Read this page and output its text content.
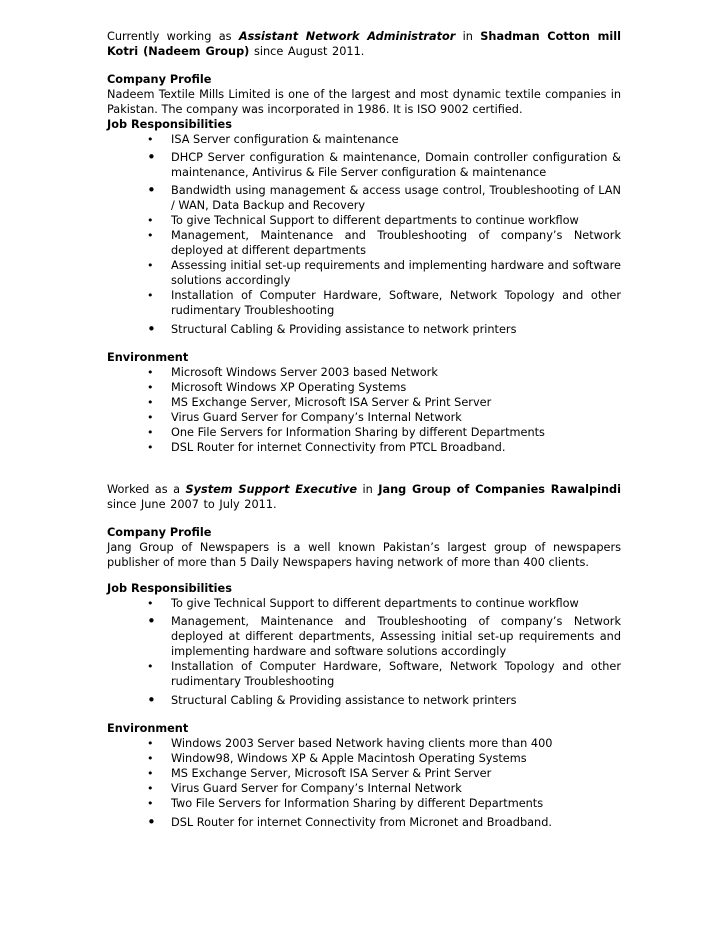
Currently working as Assistant Network Administrator in Shadman Cotton mill Kotri (Nadeem Group) since August 2011.

Company Profile

Nadeem Textile Mills Limited is one of the largest and most dynamic textile companies in Pakistan. The company was incorporated in 1986. It is ISO 9002 certified.

Job Responsibilities

• ISA Server configuration & maintenance
• DHCP Server configuration & maintenance, Domain controller configuration & maintenance, Antivirus & File Server configuration & maintenance
• Bandwidth using management & access usage control, Troubleshooting of LAN / WAN, Data Backup and Recovery
• To give Technical Support to different departments to continue workflow
• Management, Maintenance and Troubleshooting of company’s Network deployed at different departments
• Assessing initial set-up requirements and implementing hardware and software solutions accordingly
• Installation of Computer Hardware, Software, Network Topology and other rudimentary Troubleshooting
• Structural Cabling & Providing assistance to network printers

Environment

• Microsoft Windows Server 2003 based Network
• Microsoft Windows XP Operating Systems
• MS Exchange Server, Microsoft ISA Server & Print Server
• Virus Guard Server for Company’s Internal Network
• One File Servers for Information Sharing by different Departments
• DSL Router for internet Connectivity from PTCL Broadband.

Worked as a System Support Executive in Jang Group of Companies Rawalpindi since June 2007 to July 2011.

Company Profile

Jang Group of Newspapers is a well known Pakistan’s largest group of newspapers publisher of more than 5 Daily Newspapers having network of more than 400 clients.

Job Responsibilities

• To give Technical Support to different departments to continue workflow
• Management, Maintenance and Troubleshooting of company’s Network deployed at different departments, Assessing initial set-up requirements and implementing hardware and software solutions accordingly
• Installation of Computer Hardware, Software, Network Topology and other rudimentary Troubleshooting
• Structural Cabling & Providing assistance to network printers

Environment

• Windows 2003 Server based Network having clients more than 400
• Window98, Windows XP & Apple Macintosh Operating Systems
• MS Exchange Server, Microsoft ISA Server & Print Server
• Virus Guard Server for Company’s Internal Network
• Two File Servers for Information Sharing by different Departments
• DSL Router for internet Connectivity from Micronet and Broadband.
